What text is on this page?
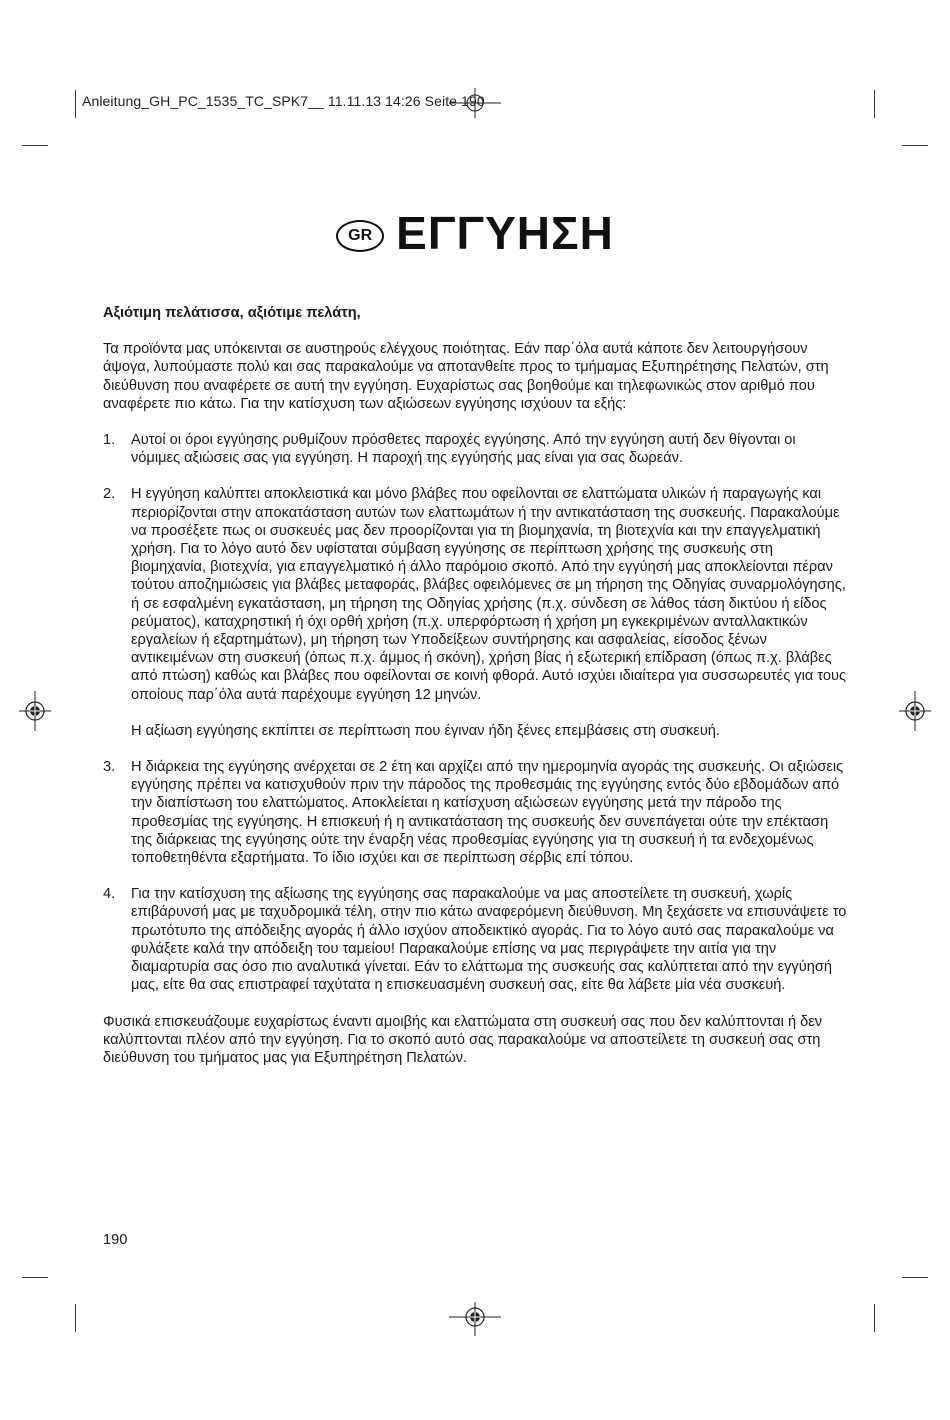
Anleitung_GH_PC_1535_TC_SPK7__ 11.11.13 14:26 Seite 190
GR ΕΓΓΥΗΣΗ

Αξιότιμη πελάτισσα, αξιότιμε πελάτη,

Τα προϊόντα μας υπόκεινται σε αυστηρούς ελέγχους ποιότητας. Εάν παρ΄όλα αυτά κάποτε δεν λειτουργήσουν άψογα, λυπούμαστε πολύ και σας παρακαλούμε να αποτανθείτε προς το τμήμαμας Εξυπηρέτησης Πελατών, στη διεύθυνση που αναφέρετε σε αυτή την εγγύηση. Ευχαρίστως σας βοηθούμε και τηλεφωνικώς στον αριθμό που αναφέρετε πιο κάτω. Για την κατίσχυση των αξιώσεων εγγύησης ισχύουν τα εξής:

1. Αυτοί οι όροι εγγύησης ρυθμίζουν πρόσθετες παροχές εγγύησης. Από την εγγύηση αυτή δεν θίγονται οι νόμιμες αξιώσεις σας για εγγύηση. Η παροχή της εγγύησής μας είναι για σας δωρεάν.
2. Η εγγύηση καλύπτει αποκλειστικά και μόνο βλάβες που οφείλονται σε ελαττώματα υλικών ή παραγωγής και περιορίζονται στην αποκατάσταση αυτών των ελαττωμάτων ή την αντικατάσταση της συσκευής. Παρακαλούμε να προσέξετε πως οι συσκευές μας δεν προορίζονται για τη βιομηχανία, τη βιοτεχνία και την επαγγελματική χρήση. Για το λόγο αυτό δεν υφίσταται σύμβαση εγγύησης σε περίπτωση χρήσης της συσκευής στη βιομηχανία, βιοτεχνία, για επαγγελματικό ή άλλο παρόμοιο σκοπό. Από την εγγύησή μας αποκλείονται πέραν τούτου αποζημιώσεις για βλάβες μεταφοράς, βλάβες οφειλόμενες σε μη τήρηση της Οδηγίας συναρμολόγησης, ή σε εσφαλμένη εγκατάσταση, μη τήρηση της Οδηγίας χρήσης (π.χ. σύνδεση σε λάθος τάση δικτύου ή είδος ρεύματος), καταχρηστική ή όχι ορθή χρήση (π.χ. υπερφόρτωση ή χρήση μη εγκεκριμένων ανταλλακτικών εργαλείων ή εξαρτημάτων), μη τήρηση των Υποδείξεων συντήρησης και ασφαλείας, είσοδος ξένων αντικειμένων στη συσκευή (όπως π.χ. άμμος ή σκόνη), χρήση βίας ή εξωτερική επίδραση (όπως π.χ. βλάβες από πτώση) καθώς και βλάβες που οφείλονται σε κοινή φθορά. Αυτό ισχύει ιδιαίτερα για συσσωρευτές για τους οποίους παρ΄όλα αυτά παρέχουμε εγγύηση 12 μηνών.
Η αξίωση εγγύησης εκπίπτει σε περίπτωση που έγιναν ήδη ξένες επεμβάσεις στη συσκευή.
3. Η διάρκεια της εγγύησης ανέρχεται σε 2 έτη και αρχίζει από την ημερομηνία αγοράς της συσκευής. Οι αξιώσεις εγγύησης πρέπει να κατισχυθούν πριν την πάροδος της προθεσμάις της εγγύησης εντός δύο εβδομάδων από την διαπίστωση του ελαττώματος. Αποκλείεται η κατίσχυση αξιώσεων εγγύησης μετά την πάροδο της προθεσμίας της εγγύησης. Η επισκευή ή η αντικατάσταση της συσκευής δεν συνεπάγεται ούτε την επέκταση της διάρκειας της εγγύησης ούτε την έναρξη νέας προθεσμίας εγγύησης για τη συσκευή ή τα ενδεχομένως τοποθετηθέντα εξαρτήματα. Το ίδιο ισχύει και σε περίπτωση σέρβις επί τόπου.
4. Για την κατίσχυση της αξίωσης της εγγύησης σας παρακαλούμε να μας αποστείλετε τη συσκευή, χωρίς επιβάρυνσή μας με ταχυδρομικά τέλη, στην πιο κάτω αναφερόμενη διεύθυνση. Μη ξεχάσετε να επισυνάψετε το πρωτότυπο της απόδειξης αγοράς ή άλλο ισχύον αποδεικτικό αγοράς. Για το λόγο αυτό σας παρακαλούμε να φυλάξετε καλά την απόδειξη του ταμείου! Παρακαλούμε επίσης να μας περιγράψετε την αιτία για την διαμαρτυρία σας όσο πιο αναλυτικά γίνεται. Εάν το ελάττωμα της συσκευής σας καλύπτεται από την εγγύησή μας, είτε θα σας επιστραφεί ταχύτατα η επισκευασμένη συσκευή σας, είτε θα λάβετε μία νέα συσκευή.

Φυσικά επισκευάζουμε ευχαρίστως έναντι αμοιβής και ελαττώματα στη συσκευή σας που δεν καλύπτονται ή δεν καλύπτονται πλέον από την εγγύηση. Για το σκοπό αυτό σας παρακαλούμε να αποστείλετε τη συσκευή σας στη διεύθυνση του τμήματος μας για Εξυπηρέτηση Πελατών.

190
